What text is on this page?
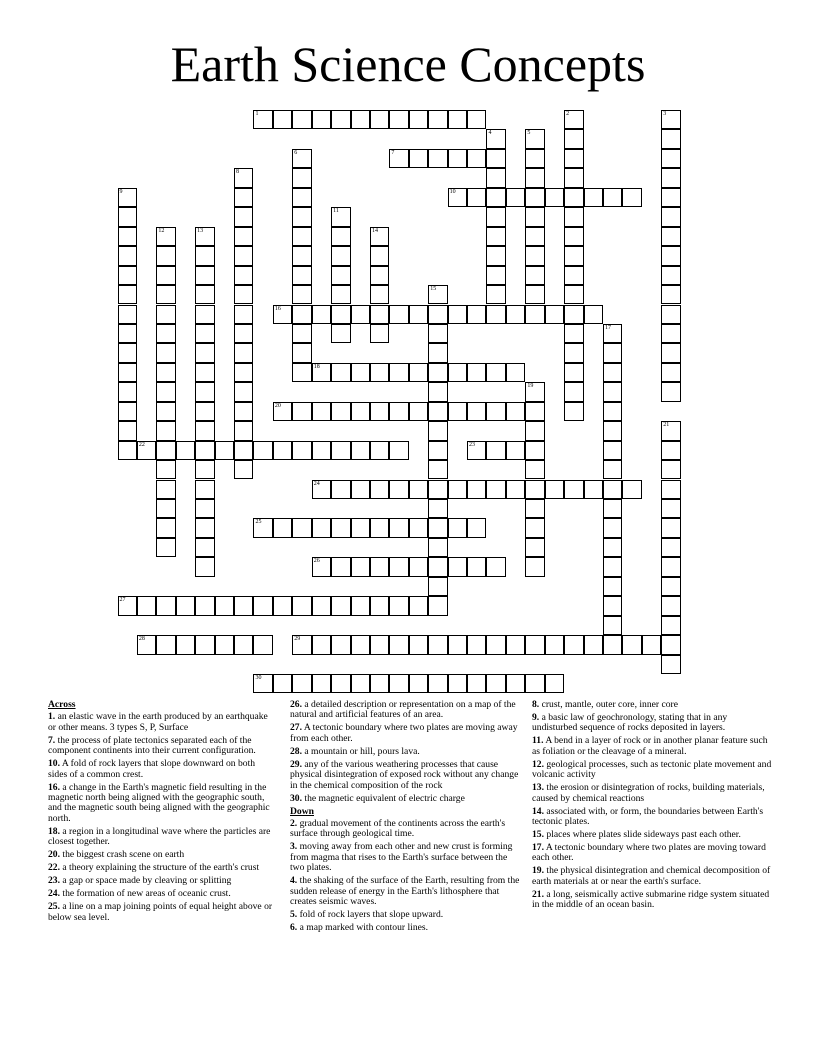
Earth Science Concepts
1	2	3
4	5
6	7
8
9	10
11
12	13	14
15
16
17
18
19
20
21
22	23
24
25
26
27
28	29
30
Across
1. an elastic wave in the earth produced by an earthquake or other means. 3 types S, P, Surface
7. the process of plate tectonics separated each of the component continents into their current configuration.
10. A fold of rock layers that slope downward on both sides of a common crest.
16. a change in the Earth's magnetic field resulting in the magnetic north being aligned with the geographic south, and the magnetic south being aligned with the geographic north.
18. a region in a longitudinal wave where the particles are closest together.
20. the biggest crash scene on earth
22. a theory explaining the structure of the earth's crust
23. a gap or space made by cleaving or splitting
24. the formation of new areas of oceanic crust.
25. a line on a map joining points of equal height above or below sea level.
26. a detailed description or representation on a map of the natural and artificial features of an area.
27. A tectonic boundary where two plates are moving away from each other.
28. a mountain or hill, pours lava.
29. any of the various weathering processes that cause physical disintegration of exposed rock without any change in the chemical composition of the rock
30. the magnetic equivalent of electric charge
Down
2. gradual movement of the continents across the earth's surface through geological time.
3. moving away from each other and new crust is forming from magma that rises to the Earth's surface between the two plates.
4. the shaking of the surface of the Earth, resulting from the sudden release of energy in the Earth's lithosphere that creates seismic waves.
5. fold of rock layers that slope upward.
6. a map marked with contour lines.
8. crust, mantle, outer core, inner core
9. a basic law of geochronology, stating that in any undisturbed sequence of rocks deposited in layers.
11. A bend in a layer of rock or in another planar feature such as foliation or the cleavage of a mineral.
12. geological processes, such as tectonic plate movement and volcanic activity
13. the erosion or disintegration of rocks, building materials, caused by chemical reactions
14. associated with, or form, the boundaries between Earth's tectonic plates.
15. places where plates slide sideways past each other.
17. A tectonic boundary where two plates are moving toward each other.
19. the physical disintegration and chemical decomposition of earth materials at or near the earth's surface.
21. a long, seismically active submarine ridge system situated in the middle of an ocean basin.
